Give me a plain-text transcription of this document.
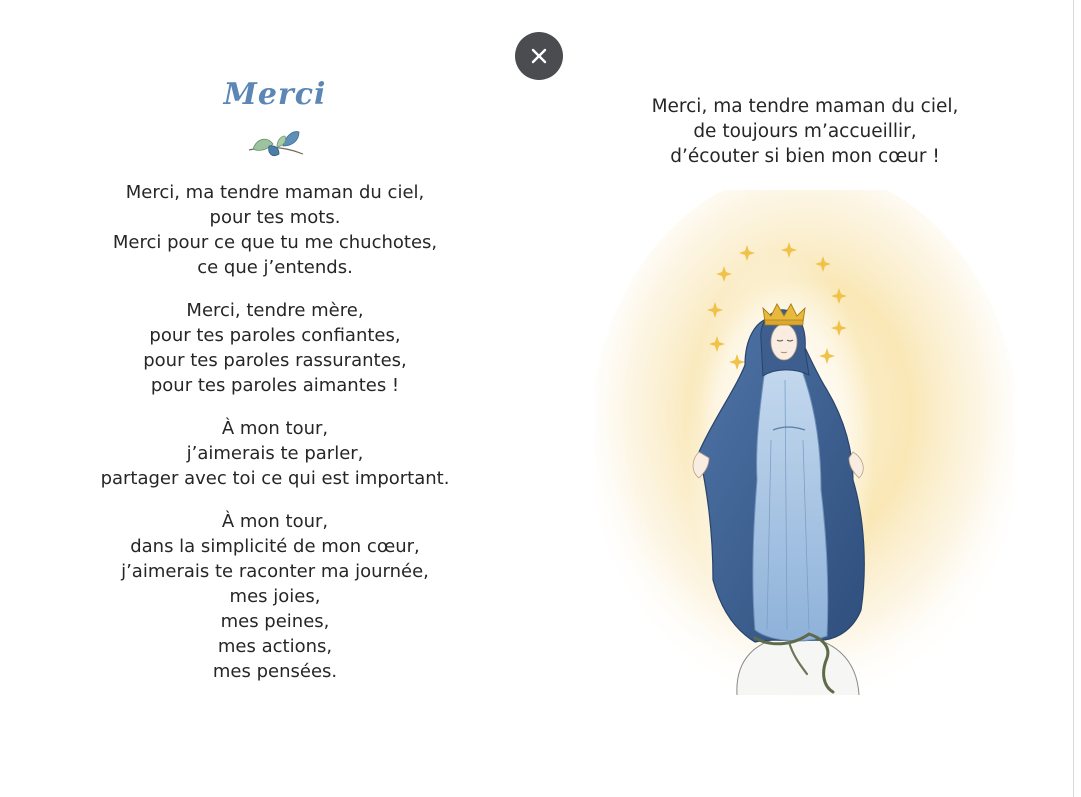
Merci
Merci, ma tendre maman du ciel,
pour tes mots.
Merci pour ce que tu me chuchotes,
ce que j’entends.
Merci, tendre mère,
pour tes paroles confiantes,
pour tes paroles rassurantes,
pour tes paroles aimantes !
À mon tour,
j’aimerais te parler,
partager avec toi ce qui est important.
À mon tour,
dans la simplicité de mon cœur,
j’aimerais te raconter ma journée,
mes joies,
mes peines,
mes actions,
mes pensées.
Merci, ma tendre maman du ciel,
de toujours m’accueillir,
d’écouter si bien mon cœur !
